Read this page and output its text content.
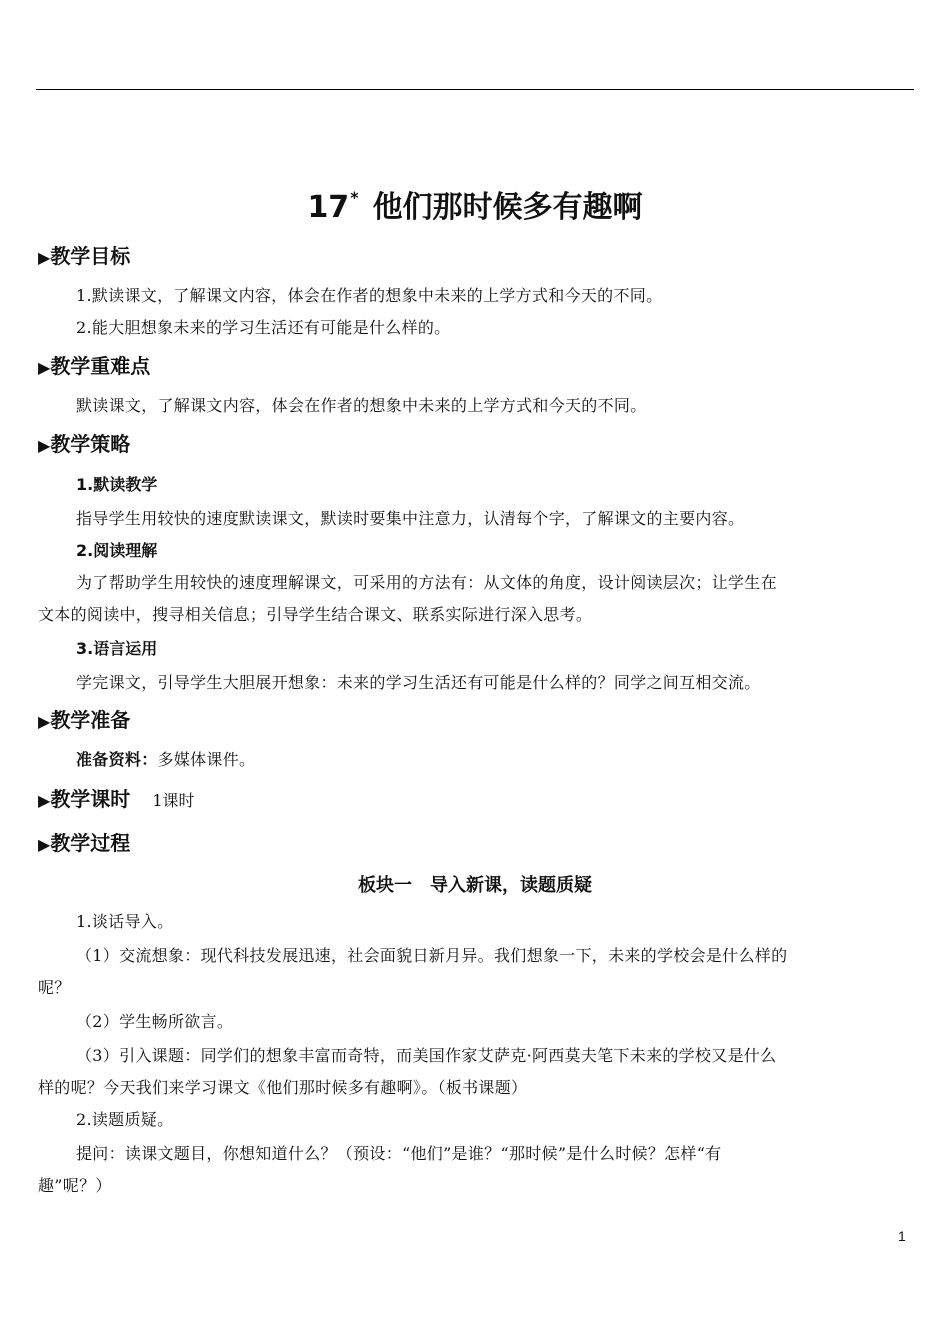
17* 他们那时候多有趣啊
▶教学目标
1.默读课文，了解课文内容，体会在作者的想象中未来的上学方式和今天的不同。
2.能大胆想象未来的学习生活还有可能是什么样的。
▶教学重难点
默读课文，了解课文内容，体会在作者的想象中未来的上学方式和今天的不同。
▶教学策略
1.默读教学
指导学生用较快的速度默读课文，默读时要集中注意力，认清每个字，了解课文的主要内容。
2.阅读理解
为了帮助学生用较快的速度理解课文，可采用的方法有：从文体的角度，设计阅读层次；让学生在
文本的阅读中，搜寻相关信息；引导学生结合课文、联系实际进行深入思考。
3.语言运用
学完课文，引导学生大胆展开想象：未来的学习生活还有可能是什么样的？同学之间互相交流。
▶教学准备
准备资料：多媒体课件。
▶教学课时 1课时
▶教学过程
板块一　导入新课，读题质疑
1.谈话导入。
（1）交流想象：现代科技发展迅速，社会面貌日新月异。我们想象一下，未来的学校会是什么样的
呢？
（2）学生畅所欲言。
（3）引入课题：同学们的想象丰富而奇特，而美国作家艾萨克·阿西莫夫笔下未来的学校又是什么
样的呢？今天我们来学习课文《他们那时候多有趣啊》。（板书课题）
2.读题质疑。
提问：读课文题目，你想知道什么？（预设：“他们”是谁？“那时候”是什么时候？怎样“有
趣”呢？）
1
